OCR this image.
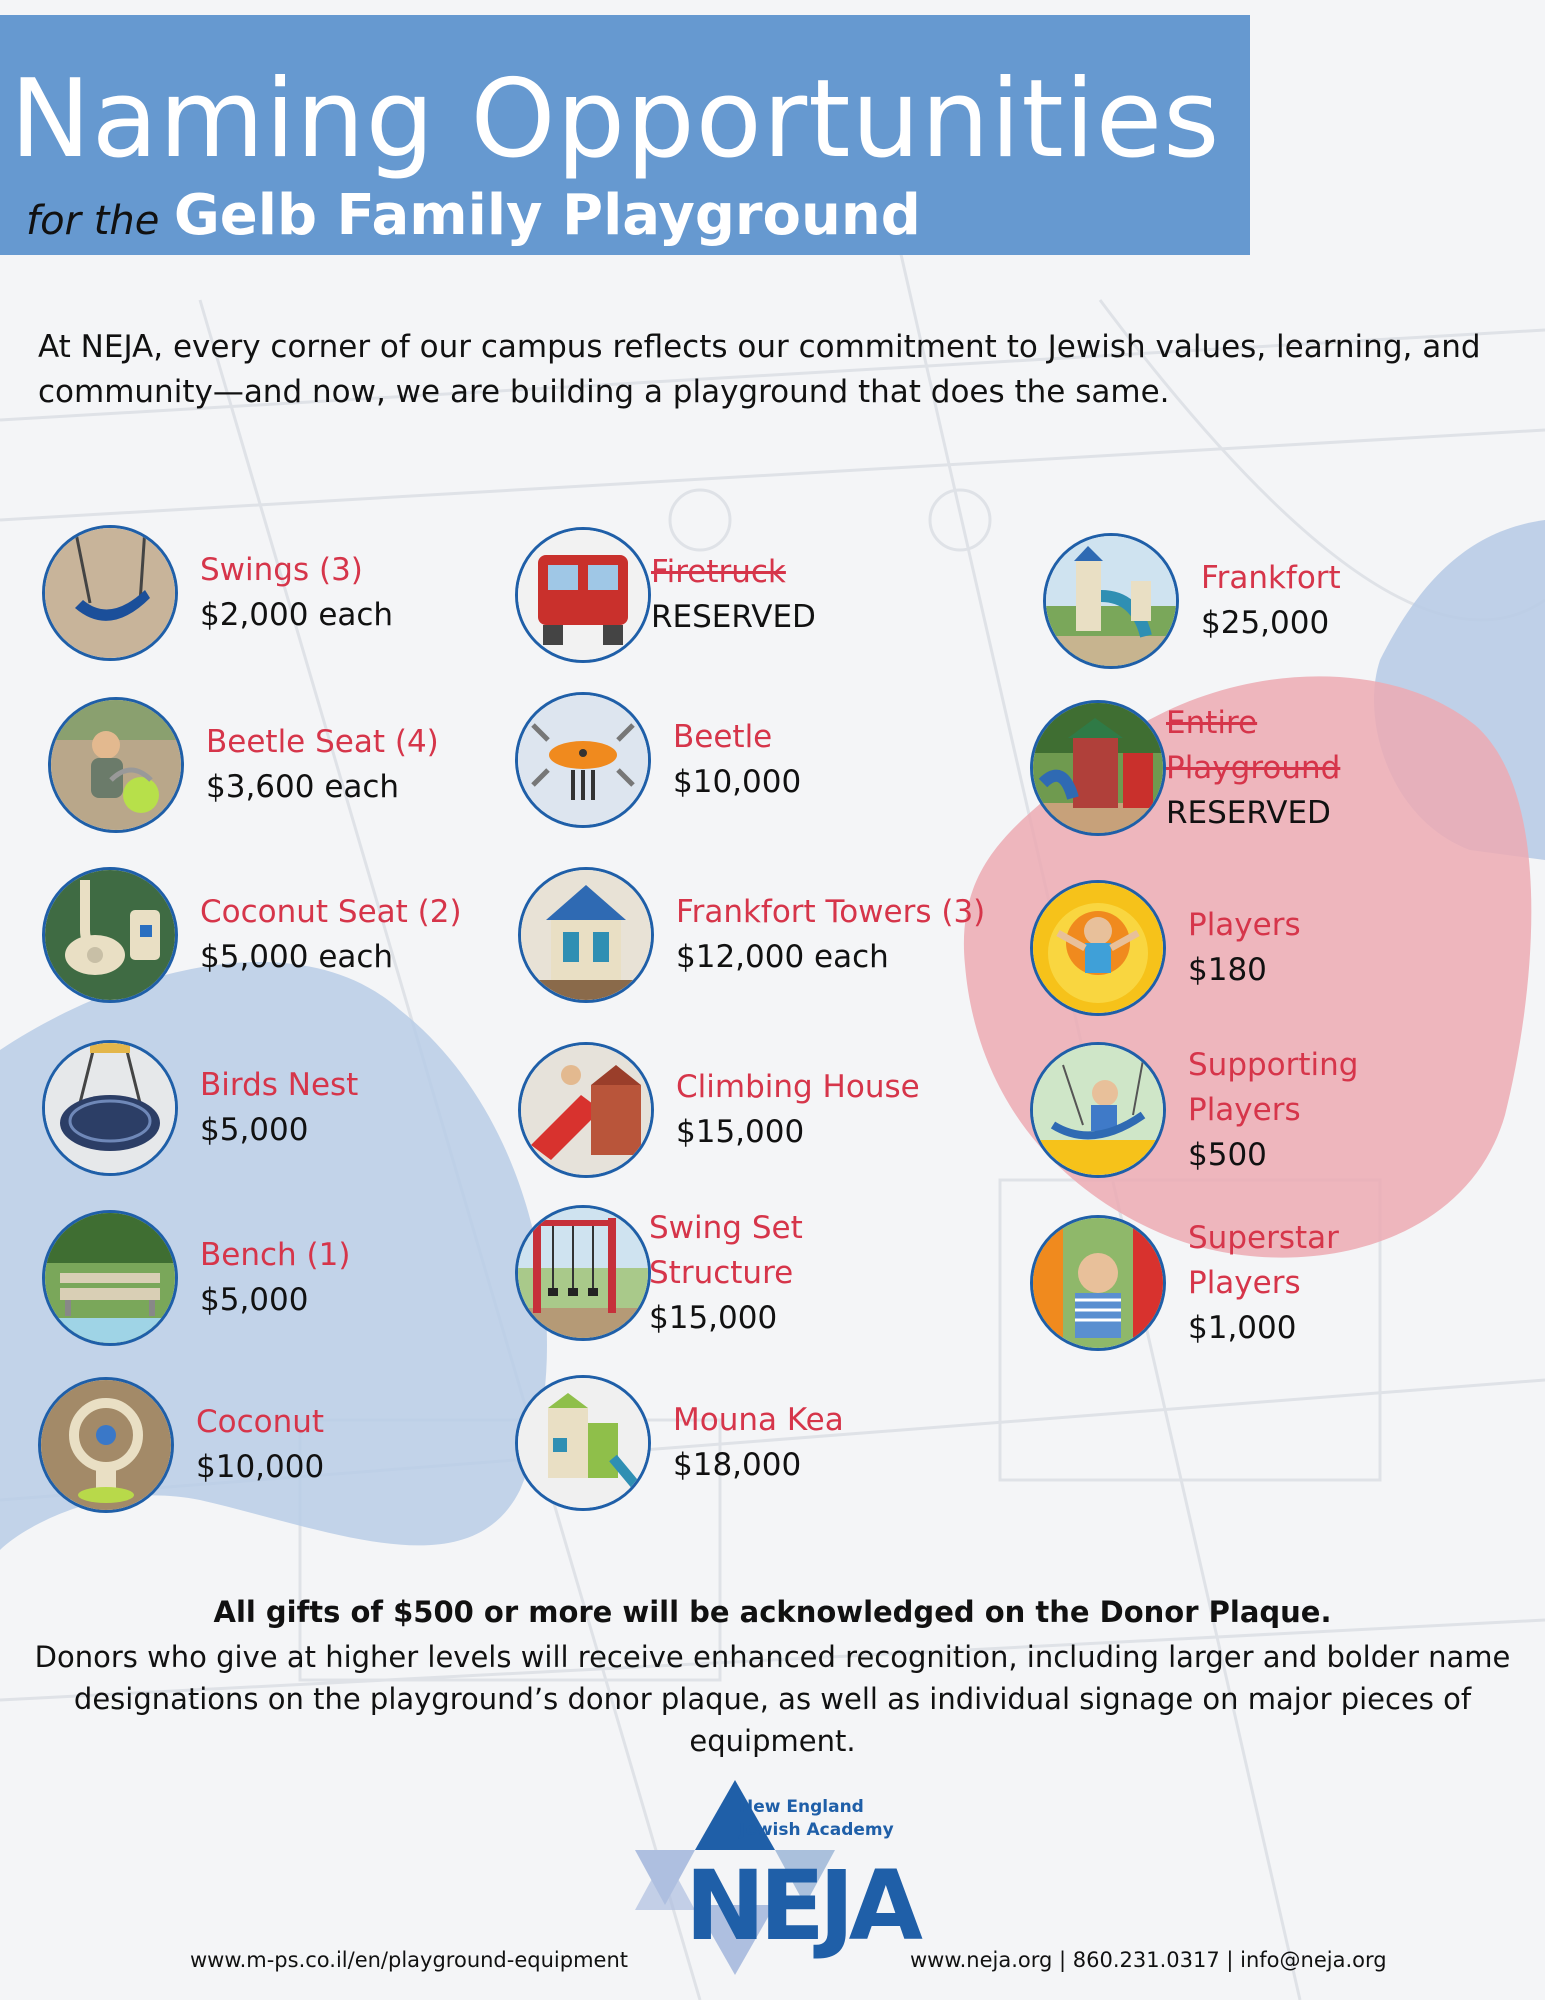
Naming Opportunities
for the Gelb Family Playground

At NEJA, every corner of our campus reflects our commitment to Jewish values, learning, and community—and now, we are building a playground that does the same.

Swings (3)
$2,000 each
Beetle Seat (4)
$3,600 each
Coconut Seat (2)
$5,000 each
Birds Nest
$5,000
Bench (1)
$5,000
Coconut
$10,000
Firetruck
RESERVED
Beetle
$10,000
Frankfort Towers (3)
$12,000 each
Climbing House
$15,000
Swing Set Structure
$15,000
Mouna Kea
$18,000
Frankfort
$25,000
Entire Playground
RESERVED
Players
$180
Supporting Players
$500
Superstar Players
$1,000
All gifts of $500 or more will be acknowledged on the Donor Plaque.

Donors who give at higher levels will receive enhanced recognition, including larger and bolder name designations on the playground’s donor plaque, as well as individual signage on major pieces of equipment.

New England
Jewish Academy
NEJA
www.m-ps.co.il/en/playground-equipment	www.neja.org | 860.231.0317 | info@neja.org
